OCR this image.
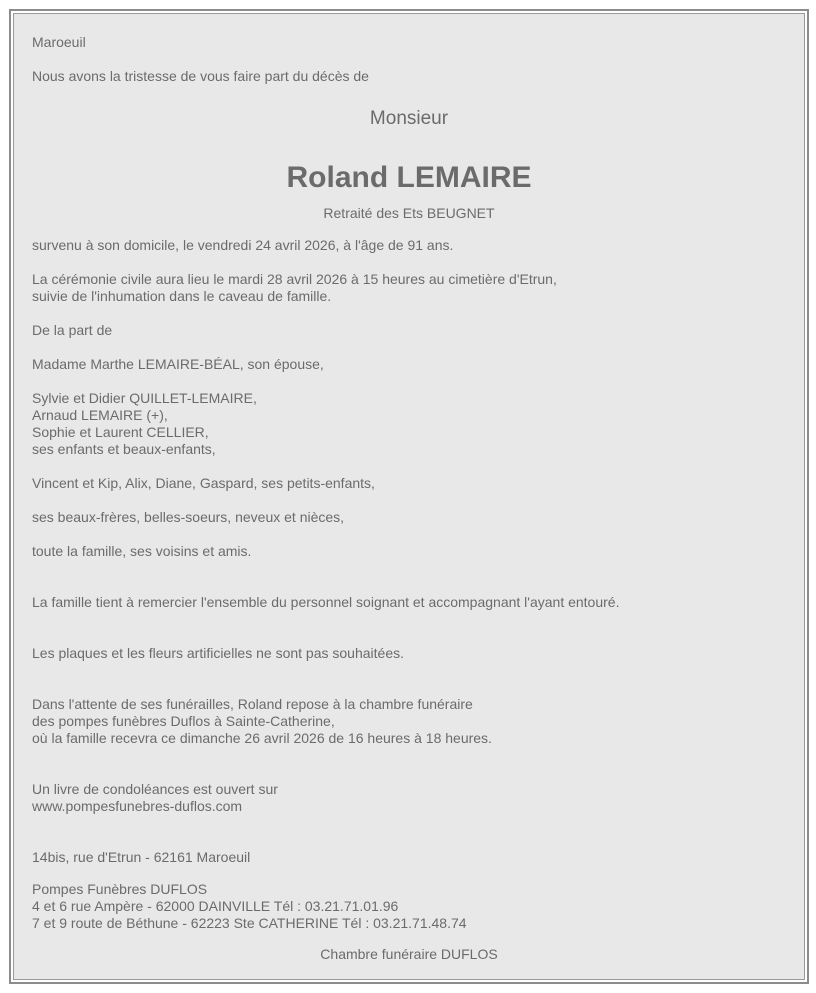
Maroeuil

Nous avons la tristesse de vous faire part du décès de

Monsieur

Roland LEMAIRE

Retraité des Ets BEUGNET

survenu à son domicile, le vendredi 24 avril 2026, à l'âge de 91 ans.

La cérémonie civile aura lieu le mardi 28 avril 2026 à 15 heures au cimetière d'Etrun,
suivie de l'inhumation dans le caveau de famille.

De la part de

Madame Marthe LEMAIRE-BÉAL, son épouse,

Sylvie et Didier QUILLET-LEMAIRE,
Arnaud LEMAIRE (+),
Sophie et Laurent CELLIER,
ses enfants et beaux-enfants,

Vincent et Kip, Alix, Diane, Gaspard, ses petits-enfants,

ses beaux-frères, belles-soeurs, neveux et nièces,

toute la famille, ses voisins et amis.

La famille tient à remercier l'ensemble du personnel soignant et accompagnant l'ayant entouré.

Les plaques et les fleurs artificielles ne sont pas souhaitées.

Dans l'attente de ses funérailles, Roland repose à la chambre funéraire
des pompes funèbres Duflos à Sainte-Catherine,
où la famille recevra ce dimanche 26 avril 2026 de 16 heures à 18 heures.
Un livre de condoléances est ouvert sur
www.pompesfunebres-duflos.com

14bis, rue d'Etrun - 62161 Maroeuil

Pompes Funèbres DUFLOS
4 et 6 rue Ampère - 62000 DAINVILLE Tél : 03.21.71.01.96
7 et 9 route de Béthune - 62223 Ste CATHERINE Tél : 03.21.71.48.74

Chambre funéraire DUFLOS
